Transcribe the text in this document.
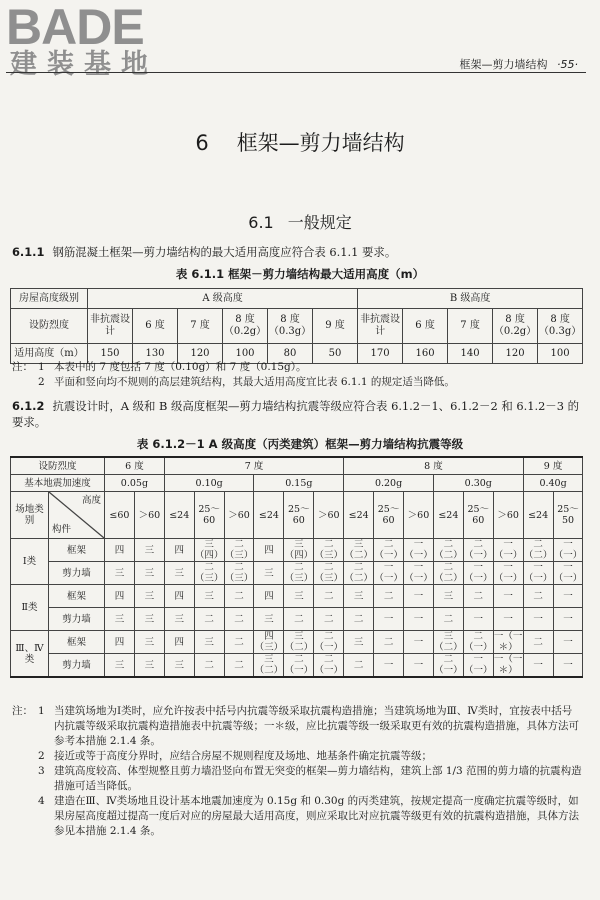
BADE
建装基地	框架—剪力墙结构 ·55·
6 框架—剪力墙结构
6.1 一般规定
6.1.1 钢筋混凝土框架—剪力墙结构的最大适用高度应符合表 6.1.1 要求。
表 6.1.1 框架－剪力墙结构最大适用高度（m）
房屋高度级别	A 级高度						B 级高度				
设防烈度	非抗震设计	6 度	7 度	8 度（0.2g）	8 度（0.3g）	9 度	非抗震设计	6 度	7 度	8 度（0.2g）	8 度（0.3g）
适用高度（m）	150	130	120	100	80	50	170	160	140	120	100
注： 1 本表中的 7 度包括 7 度（0.10g）和 7 度（0.15g）。
2 平面和竖向均不规则的高层建筑结构，其最大适用高度宜比表 6.1.1 的规定适当降低。
6.1.2 抗震设计时，A 级和 B 级高度框架—剪力墙结构抗震等级应符合表 6.1.2－1、6.1.2－2 和 6.1.2－3 的要求。
表 6.1.2－1 A 级高度（丙类建筑）框架—剪力墙结构抗震等级
设防烈度		6 度		7 度						8 度						9 度	
基本地震加速度		0.05g		0.10g			0.15g			0.20g			0.30g			0.40g	
场地类别	高度
构件	≤60	＞60	≤24	25～60	＞60	≤24	25～60	＞60	≤24	25～60	＞60	≤24	25～60	＞60	≤24	25～50
Ⅰ类	框架	四	三	四	三（四）	二（三）	四	三（四）	二（三）	三（二）	二（一）	一（一）	二（二）	二（一）	一（一）	二（二）	一（一）
	剪力墙	三	三	三	二（三）	二（三）	三	二（三）	二（三）	二（二）	一（一）	一（一）	二（二）	一（一）	一（一）	一（一）	一（一）
Ⅱ类	框架	四	三	四	三	二	四	三	二	三	二	一	三	二	一	二	一
	剪力墙	三	三	三	二	二	三	二	二	二	一	一	二	一	一	一	一
Ⅲ、Ⅳ类	框架	四	三	四	三	二	四（三）	三（二）	二（一）	三	二	一	三（二）	二（一）	一（一＊）	二	一
	剪力墙	三	三	三	二	二	三（二）	二（一）	二（一）	二	一	一	二（一）	一（一）	一（一＊）	一	一
注： 1 当建筑场地为Ⅰ类时，应允许按表中括号内抗震等级采取抗震构造措施；当建筑场地为Ⅲ、Ⅳ类时，宜按表中括号内抗震等级采取抗震构造措施表中抗震等级；一＊级，应比抗震等级一级采取更有效的抗震构造措施，具体方法可参考本措施 2.1.4 条。
2 接近或等于高度分界时，应结合房屋不规则程度及场地、地基条件确定抗震等级；
3 建筑高度较高、体型规整且剪力墙沿竖向布置无突变的框架—剪力墙结构，建筑上部 1/3 范围的剪力墙的抗震构造措施可适当降低。
4 建造在Ⅲ、Ⅳ类场地且设计基本地震加速度为 0.15g 和 0.30g 的丙类建筑，按规定提高一度确定抗震等级时，如果房屋高度超过提高一度后对应的房屋最大适用高度，则应采取比对应抗震等级更有效的抗震构造措施，具体方法参见本措施 2.1.4 条。
